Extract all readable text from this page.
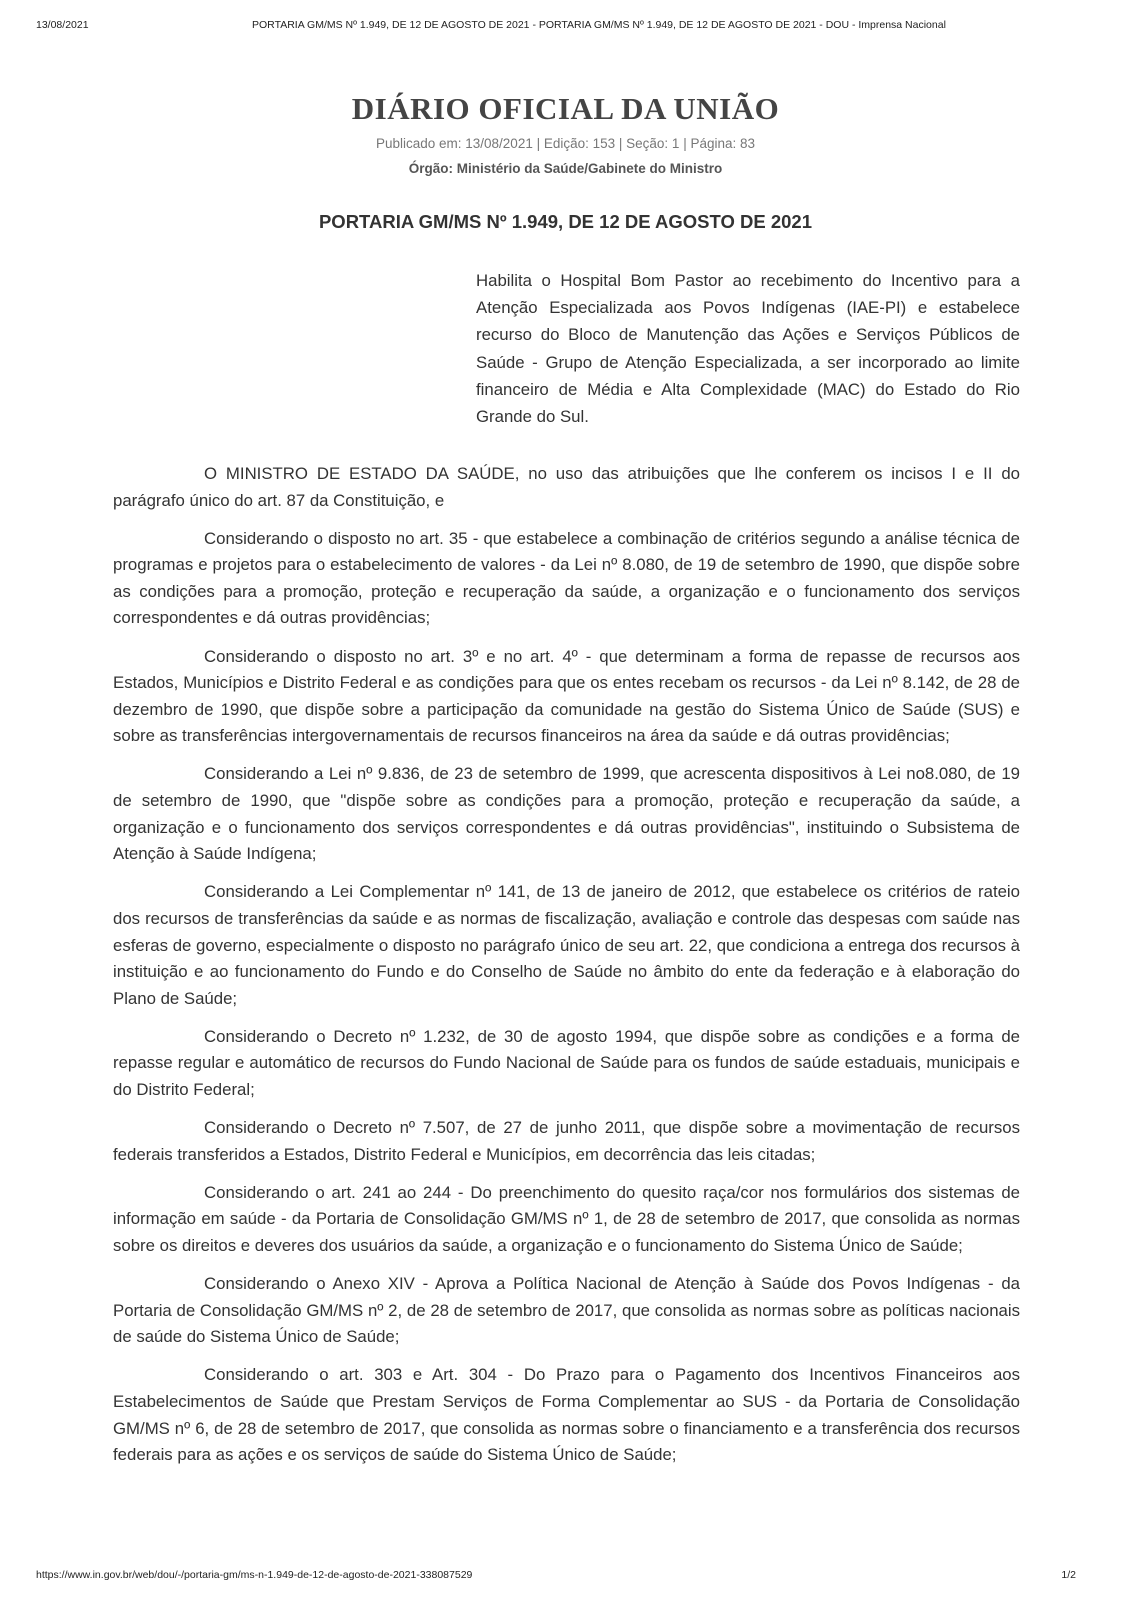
13/08/2021	PORTARIA GM/MS Nº 1.949, DE 12 DE AGOSTO DE 2021 - PORTARIA GM/MS Nº 1.949, DE 12 DE AGOSTO DE 2021 - DOU - Imprensa Nacional
DIÁRIO OFICIAL DA UNIÃO
Publicado em: 13/08/2021 | Edição: 153 | Seção: 1 | Página: 83
Órgão: Ministério da Saúde/Gabinete do Ministro
PORTARIA GM/MS Nº 1.949, DE 12 DE AGOSTO DE 2021
Habilita o Hospital Bom Pastor ao recebimento do Incentivo para a Atenção Especializada aos Povos Indígenas (IAE-PI) e estabelece recurso do Bloco de Manutenção das Ações e Serviços Públicos de Saúde - Grupo de Atenção Especializada, a ser incorporado ao limite financeiro de Média e Alta Complexidade (MAC) do Estado do Rio Grande do Sul.

O MINISTRO DE ESTADO DA SAÚDE, no uso das atribuições que lhe conferem os incisos I e II do parágrafo único do art. 87 da Constituição, e

Considerando o disposto no art. 35 - que estabelece a combinação de critérios segundo a análise técnica de programas e projetos para o estabelecimento de valores - da Lei nº 8.080, de 19 de setembro de 1990, que dispõe sobre as condições para a promoção, proteção e recuperação da saúde, a organização e o funcionamento dos serviços correspondentes e dá outras providências;

Considerando o disposto no art. 3º e no art. 4º - que determinam a forma de repasse de recursos aos Estados, Municípios e Distrito Federal e as condições para que os entes recebam os recursos - da Lei nº 8.142, de 28 de dezembro de 1990, que dispõe sobre a participação da comunidade na gestão do Sistema Único de Saúde (SUS) e sobre as transferências intergovernamentais de recursos financeiros na área da saúde e dá outras providências;

Considerando a Lei nº 9.836, de 23 de setembro de 1999, que acrescenta dispositivos à Lei no8.080, de 19 de setembro de 1990, que "dispõe sobre as condições para a promoção, proteção e recuperação da saúde, a organização e o funcionamento dos serviços correspondentes e dá outras providências", instituindo o Subsistema de Atenção à Saúde Indígena;

Considerando a Lei Complementar nº 141, de 13 de janeiro de 2012, que estabelece os critérios de rateio dos recursos de transferências da saúde e as normas de fiscalização, avaliação e controle das despesas com saúde nas esferas de governo, especialmente o disposto no parágrafo único de seu art. 22, que condiciona a entrega dos recursos à instituição e ao funcionamento do Fundo e do Conselho de Saúde no âmbito do ente da federação e à elaboração do Plano de Saúde;

Considerando o Decreto nº 1.232, de 30 de agosto 1994, que dispõe sobre as condições e a forma de repasse regular e automático de recursos do Fundo Nacional de Saúde para os fundos de saúde estaduais, municipais e do Distrito Federal;

Considerando o Decreto nº 7.507, de 27 de junho 2011, que dispõe sobre a movimentação de recursos federais transferidos a Estados, Distrito Federal e Municípios, em decorrência das leis citadas;

Considerando o art. 241 ao 244 - Do preenchimento do quesito raça/cor nos formulários dos sistemas de informação em saúde - da Portaria de Consolidação GM/MS nº 1, de 28 de setembro de 2017, que consolida as normas sobre os direitos e deveres dos usuários da saúde, a organização e o funcionamento do Sistema Único de Saúde;

Considerando o Anexo XIV - Aprova a Política Nacional de Atenção à Saúde dos Povos Indígenas - da Portaria de Consolidação GM/MS nº 2, de 28 de setembro de 2017, que consolida as normas sobre as políticas nacionais de saúde do Sistema Único de Saúde;

Considerando o art. 303 e Art. 304 - Do Prazo para o Pagamento dos Incentivos Financeiros aos Estabelecimentos de Saúde que Prestam Serviços de Forma Complementar ao SUS - da Portaria de Consolidação GM/MS nº 6, de 28 de setembro de 2017, que consolida as normas sobre o financiamento e a transferência dos recursos federais para as ações e os serviços de saúde do Sistema Único de Saúde;

https://www.in.gov.br/web/dou/-/portaria-gm/ms-n-1.949-de-12-de-agosto-de-2021-338087529	1/2
